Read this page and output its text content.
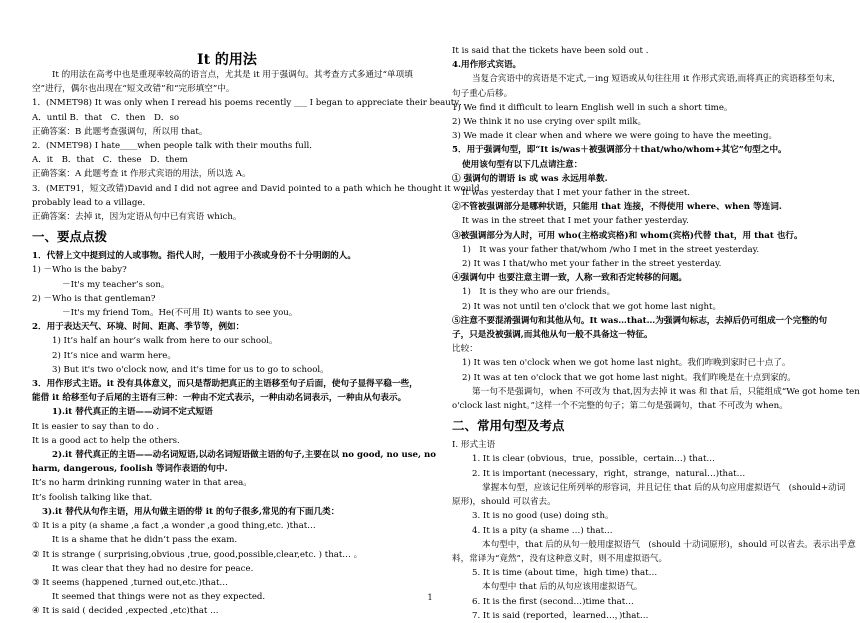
It 的用法

It 的用法在高考中也是重现率较高的语言点，尤其是 it 用于强调句。其考查方式多通过“单项填

空”进行，偶尔也出现在“短文改错”和“完形填空”中。

1．(NMET98) It was only when I reread his poems recently ___ I began to appreciate their beauty．

A．until B．that　C．then　D．so

正确答案：B 此题考查强调句，所以用 that。

2．(NMET98) I hate____when people talk with their mouths full．

A．it　B．that　C．these　D．them

正确答案：A 此题考查 it 作形式宾语的用法，所以选 A。

3．(MET91，短文改错)David and I did not agree and David pointed to a path which he thought it would

probably lead to a village．

正确答案：去掉 it，因为定语从句中已有宾语 which。

一、要点点拨

1．代替上文中提到过的人或事物。指代人时，一般用于小孩或身份不十分明朗的人。

1) －Who is the baby?

－It's my teacher’s son。

2) －Who is that gentleman?

－It's my friend Tom。He(不可用 It) wants to see you。

2．用于表达天气、环境、时间、距离、季节等，例如：

1) It’s half an hour’s walk from here to our school。

2) It’s nice and warm here。

3) But it's two o'clock now, and it's time for us to go to school。

3．用作形式主语。it 没有具体意义，而只是帮助把真正的主语移至句子后面，使句子显得平稳一些，

能借 it 给移至句子后尾的主语有三种：一种由不定式表示，一种由动名词表示，一种由从句表示。

1).it 替代真正的主语——动词不定式短语

It is easier to say than to do .

It is a good act to help the others.

2).it 替代真正的主语——动名词短语,以动名词短语做主语的句子,主要在以 no good, no use, no

harm, dangerous, foolish 等词作表语的句中.

It’s no harm drinking running water in that area。

It’s foolish talking like that.

3).it 替代从句作主语，用从句做主语的带 it 的句子很多,常见的有下面几类：

① It is a pity (a shame ,a fact ,a wonder ,a good thing,etc. )that…

It is a shame that he didn’t pass the exam.

② It is strange ( surprising,obvious ,true, good,possible,clear,etc. ) that… 。

It was clear that they had no desire for peace.

③ It seems (happened ,turned out,etc.)that…

It seemed that things were not as they expected.

④ It is said ( decided ,expected ,etc)that …

It is said that the tickets have been sold out .

4.用作形式宾语。

当复合宾语中的宾语是不定式,－ing 短语或从句往往用 it 作形式宾语,而将真正的宾语移至句末,

句子重心后移。

1) We find it difficult to learn English well in such a short time。

2) We think it no use crying over spilt milk。

3) We made it clear when and where we were going to have the meeting。

5．用于强调句型，即“It is/was＋被强调部分＋that/who/whom+其它”句型之中。

使用该句型有以下几点请注意：

① 强调句的谓语 is 或 was 永远用单数.

It was yesterday that I met your father in the street.

②不管被强调部分是哪种状语，只能用 that 连接，不得使用 where、when 等连词.

It was in the street that I met your father yesterday.

③被强调部分为人时，可用 who(主格或宾格)和 whom(宾格)代替 that，用 that 也行。

1)　It was your father that/whom /who I met in the street yesterday.

2) It was I that/who met your father in the street yesterday.

④强调句中 也要注意主谓一致，人称一致和否定转移的问题。

1)　It is they who are our friends。

2) It was not until ten o'clock that we got home last night。

⑤注意不要混淆强调句和其他从句。It was…that…为强调句标志，去掉后仍可组成一个完整的句

子，只是没被强调,而其他从句一般不具备这一特征。

比较：

1) It was ten o'clock when we got home last night。我们昨晚到家时已十点了。

2) It was at ten o'clock that we got home last night。我们昨晚是在十点到家的。

第一句不是强调句，when 不可改为 that,因为去掉 it was 和 that 后，只能组成“We got home ten

o'clock last night。”这样一个不完整的句子；第二句是强调句，that 不可改为 when。

二、常用句型及考点

I. 形式主语

1. It is clear (obvious，true，possible，certain…) that…

2. It is important (necessary，right，strange，natural…)that…

掌握本句型，应该记住所列举的形容词，并且记住 that 后的从句应用虚拟语气　(should+动词

原形)，should 可以省去。

3. It is no good (use) doing sth。

4. It is a pity (a shame …) that…

本句型中，that 后的从句一般用虚拟语气　(should 十动词原形)，should 可以省去。表示出乎意

料，常译为“竟然”，没有这种意义时，则不用虚拟语气。

5. It is time (about time，high time) that…

本句型中 that 后的从句应该用虚拟语气。

6. It is the first (second…)time that…

7. It is said (reported，learned…，)that…

1
